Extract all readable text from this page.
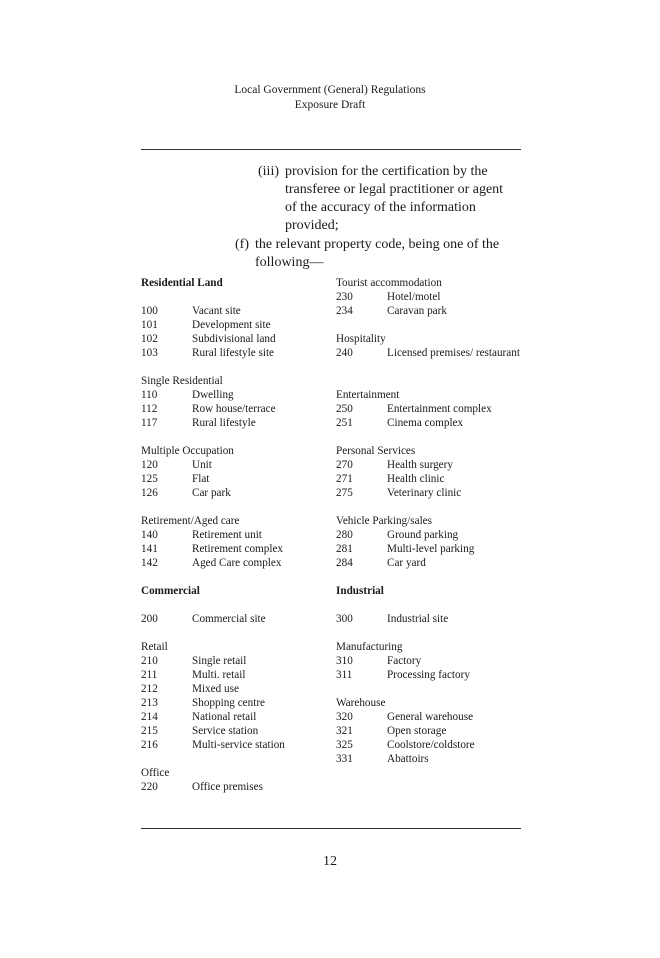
Local Government (General) Regulations
Exposure Draft
(iii) provision for the certification by the
transferee or legal practitioner or agent
of the accuracy of the information
provided;
(f) the relevant property code, being one of the
following—
Residential Land
100	Vacant site
101	Development site
102	Subdivisional land
103	Rural lifestyle site
Single Residential
110	Dwelling
112	Row house/terrace
117	Rural lifestyle
Multiple Occupation
120	Unit
125	Flat
126	Car park
Retirement/Aged care
140	Retirement unit
141	Retirement complex
142	Aged Care complex
Commercial
200	Commercial site
Retail
210	Single retail
211	Multi. retail
212	Mixed use
213	Shopping centre
214	National retail
215	Service station
216	Multi-service station
Office
220	Office premises
Tourist accommodation
230	Hotel/motel
234	Caravan park
Hospitality
240	Licensed premises/ restaurant
Entertainment
250	Entertainment complex
251	Cinema complex
Personal Services
270	Health surgery
271	Health clinic
275	Veterinary clinic
Vehicle Parking/sales
280	Ground parking
281	Multi-level parking
284	Car yard
Industrial
300	Industrial site
Manufacturing
310	Factory
311	Processing factory
Warehouse
320	General warehouse
321	Open storage
325	Coolstore/coldstore
331	Abattoirs
12
